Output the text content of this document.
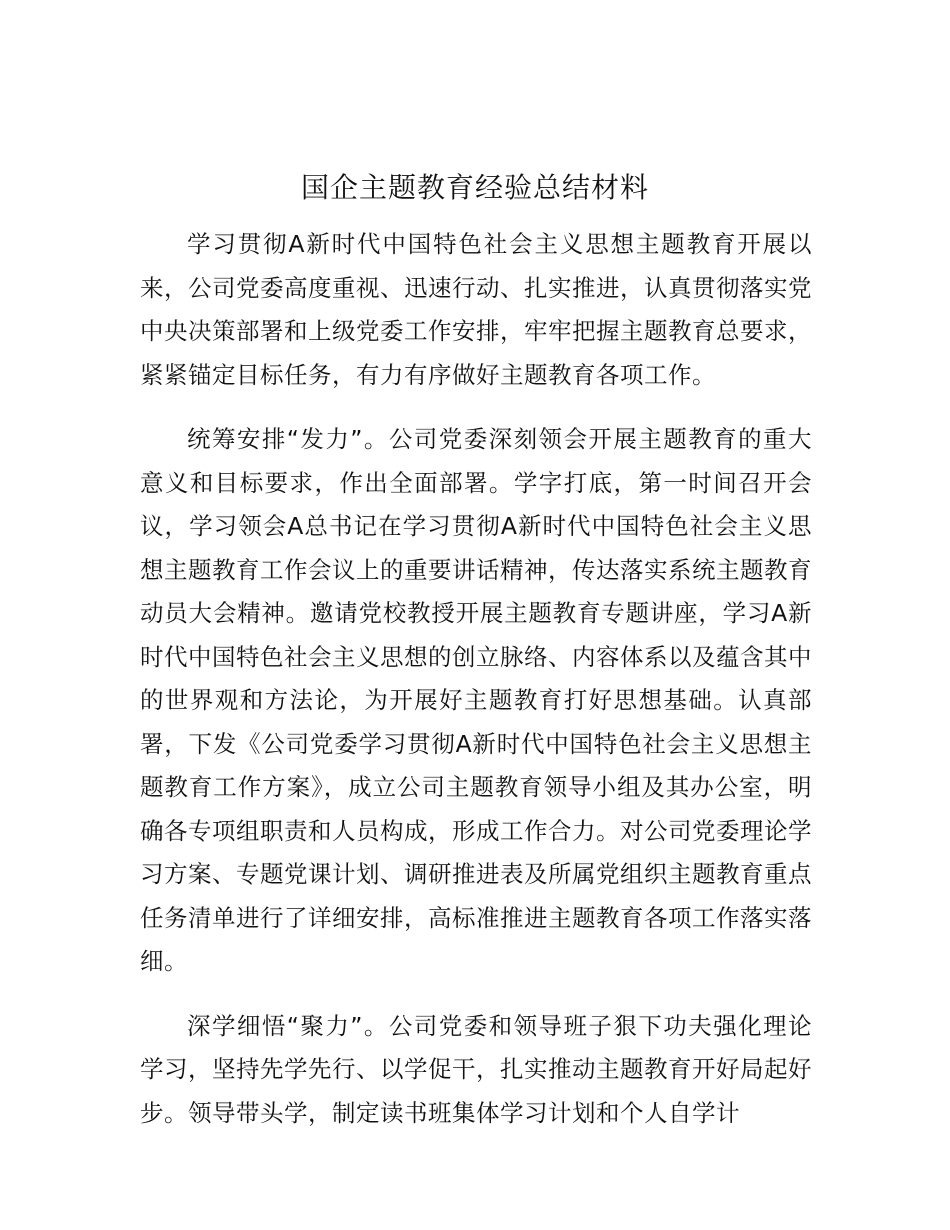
国企主题教育经验总结材料

学习贯彻A新时代中国特色社会主义思想主题教育开展以来，公司党委高度重视、迅速行动、扎实推进，认真贯彻落实党中央决策部署和上级党委工作安排，牢牢把握主题教育总要求，紧紧锚定目标任务，有力有序做好主题教育各项工作。

统筹安排“发力”。公司党委深刻领会开展主题教育的重大意义和目标要求，作出全面部署。学字打底，第一时间召开会议，学习领会A总书记在学习贯彻A新时代中国特色社会主义思想主题教育工作会议上的重要讲话精神，传达落实系统主题教育动员大会精神。邀请党校教授开展主题教育专题讲座，学习A新时代中国特色社会主义思想的创立脉络、内容体系以及蕴含其中的世界观和方法论，为开展好主题教育打好思想基础。认真部署，下发《公司党委学习贯彻A新时代中国特色社会主义思想主题教育工作方案》，成立公司主题教育领导小组及其办公室，明确各专项组职责和人员构成，形成工作合力。对公司党委理论学习方案、专题党课计划、调研推进表及所属党组织主题教育重点任务清单进行了详细安排，高标准推进主题教育各项工作落实落细。

深学细悟“聚力”。公司党委和领导班子狠下功夫强化理论学习，坚持先学先行、以学促干，扎实推动主题教育开好局起好步。领导带头学，制定读书班集体学习计划和个人自学计
